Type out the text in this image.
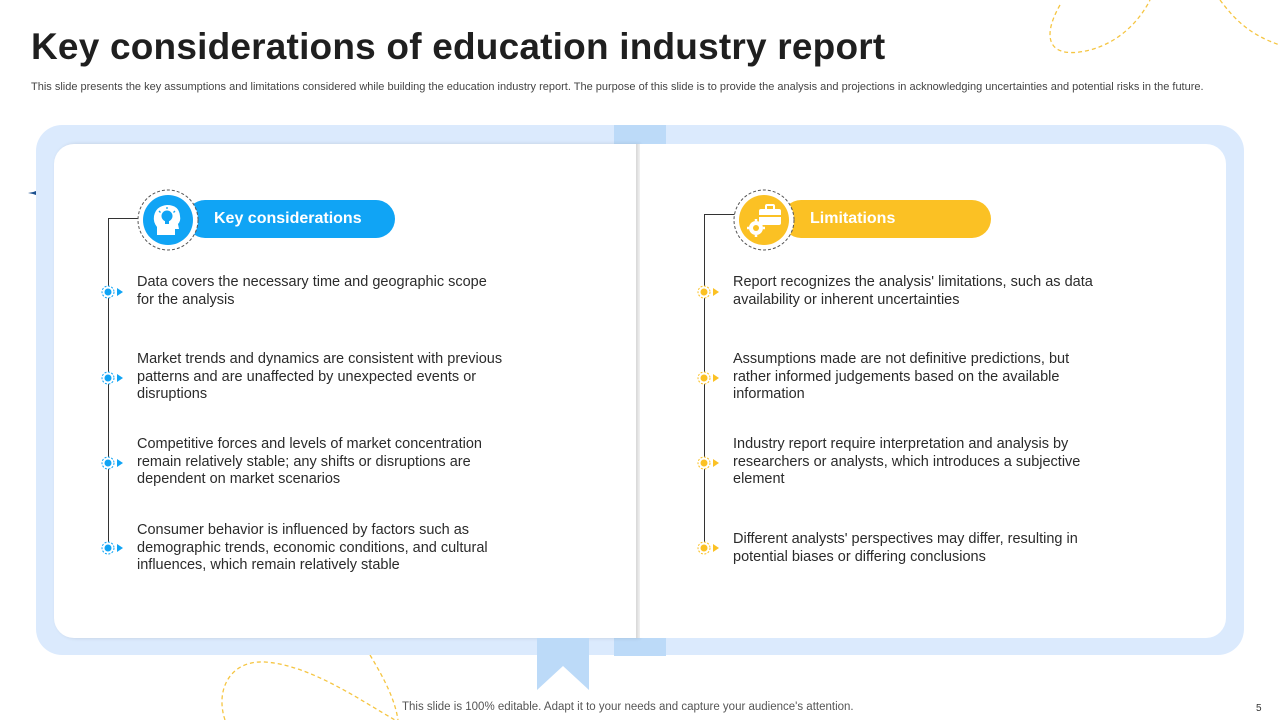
Key considerations of education industry report
This slide presents the key assumptions and limitations considered while building the education industry report. The purpose of this slide is to provide the analysis and projections in acknowledging uncertainties and potential risks in the future.
Key considerations
Data covers the necessary time and geographic scope for the analysis
Market trends and dynamics are consistent with previous patterns and are unaffected by unexpected events or disruptions
Competitive forces and levels of market concentration remain relatively stable; any shifts or disruptions are dependent on market scenarios
Consumer behavior is influenced by factors such as demographic trends, economic conditions, and cultural influences, which remain relatively stable
Limitations
Report recognizes the analysis' limitations, such as data availability or inherent uncertainties
Assumptions made are not definitive predictions, but rather informed judgements based on the available information
Industry report require interpretation and analysis by researchers or analysts, which introduces a subjective element
Different analysts' perspectives may differ, resulting in potential biases or differing conclusions
This slide is 100% editable. Adapt it to your needs and capture your audience's attention.	5
